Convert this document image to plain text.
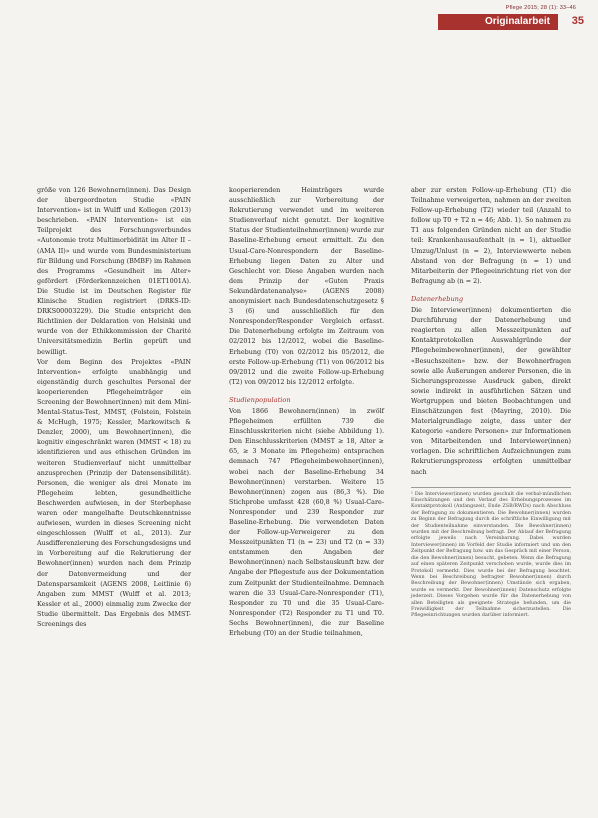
Pflege 2015; 28 (1): 33–46
Originalarbeit 35

größe von 126 Bewohnern(innen). Das Design der übergeordneten Studie «PAIN Intervention» ist in Wulff und Kollegen (2013) beschrieben. «PAIN Intervention» ist ein Teilprojekt des Forschungsverbundes «Autonomie trotz Multimorbidität im Alter II – (AMA II)» und wurde vom Bundesministerium für Bildung und Forschung (BMBF) im Rahmen des Programms «Gesundheit im Alter» gefördert (Förderkennzeichen 01ET1001A). Die Studie ist im Deutschen Register für Klinische Studien registriert (DRKS-ID: DRKS00003229). Die Studie entspricht den Richtlinien der Deklaration von Helsinki und wurde von der Ethikkommission der Charité Universitätsmedizin Berlin geprüft und bewilligt.

Vor dem Beginn des Projektes «PAIN Intervention» erfolgte unabhängig und eigenständig durch geschultes Personal der kooperierenden Pflegeheimträger ein Screening der Bewohner(innen) mit dem Mini-Mental-Status-Test, MMST, (Folstein, Folstein & McHugh, 1975; Kessler, Markowitsch & Denzler, 2000), um Bewohner(innen), die kognitiv eingeschränkt waren (MMST < 18) zu identifizieren und aus ethischen Gründen im weiteren Studienverlauf nicht unmittelbar anzusprechen (Prinzip der Datensensibilität). Personen, die weniger als drei Monate im Pflegeheim lebten, gesundheitliche Beschwerden aufwiesen, in der Sterbephase waren oder mangelhafte Deutschkenntnisse aufwiesen, wurden in dieses Screening nicht eingeschlossen (Wulff et al., 2013). Zur Ausdifferenzierung des Forschungsdesigns und in Vorbereitung auf die Rekrutierung der Bewohner(innen) wurden nach dem Prinzip der Datenvermeidung und der Datensparsamkeit (AGENS 2008, Leitlinie 6) Angaben zum MMST (Wulff et al. 2013; Kessler et al., 2000) einmalig zum Zwecke der Studie übermittelt. Das Ergebnis des MMST-Screenings des

kooperierenden Heimträgers wurde ausschließlich zur Vorbereitung der Rekrutierung verwendet und im weiteren Studienverlauf nicht genutzt. Der kognitive Status der Studienteilnehmer(innen) wurde zur Baseline-Erhebung erneut ermittelt. Zu den Usual-Care-Nonrespondern der Baseline-Erhebung liegen Daten zu Alter und Geschlecht vor. Diese Angaben wurden nach dem Prinzip der «Guten Praxis Sekundärdatenanalyse» (AGENS 2008) anonymisiert nach Bundesdatenschutzgesetz § 3 (6) und ausschließlich für den Nonresponder/Responder Vergleich erfasst. Die Datenerhebung erfolgte im Zeitraum von 02/2012 bis 12/2012, wobei die Baseline-Erhebung (T0) von 02/2012 bis 05/2012, die erste Follow-up-Erhebung (T1) von 06/2012 bis 09/2012 und die zweite Follow-up-Erhebung (T2) von 09/2012 bis 12/2012 erfolgte.

Studienpopulation

Von 1866 Bewohnern(innen) in zwölf Pflegeheimen erfüllten 739 die Einschlusskriterien nicht (siehe Abbildung 1). Den Einschlusskriterien (MMST ≥ 18, Alter ≥ 65, ≥ 3 Monate im Pflegeheim) entsprachen demnach 747 Pflegeheimbewohner(innen), wobei nach der Baseline-Erhebung 34 Bewohner(innen) verstarben. Weitere 15 Bewohner(innen) zogen aus (86,3 %). Die Stichprobe umfasst 428 (60,8 %) Usual-Care-Nonresponder und 239 Responder zur Baseline-Erhebung. Die verwendeten Daten der Follow-up-Verweigerer zu den Messzeitpunkten T1 (n = 23) und T2 (n = 33) entstammen den Angaben der Bewohner(innen) nach Selbstauskunft bzw. der Angabe der Pflegestufe aus der Dokumentation zum Zeitpunkt der Studienteilnahme. Demnach waren die 33 Usual-Care-Nonresponder (T1), Responder zu T0 und die 35 Usual-Care-Nonresponder (T2) Responder zu T1 und T0. Sechs Bewohner(innen), die zur Baseline Erhebung (T0) an der Studie teilnahmen,

aber zur ersten Follow-up-Erhebung (T1) die Teilnahme verweigerten, nahmen an der zweiten Follow-up-Erhebung (T2) wieder teil (Anzahl to follow up T0 + T2 n = 46; Abb. 1). So nahmen zu T1 aus folgenden Gründen nicht an der Studie teil: Krankenhausaufenthalt (n = 1), aktueller Umzug/Unlust (n = 2), Interviewwerte neben Abstand von der Befragung (n = 1) und Mitarbeiterin der Pflegeeinrichtung riet von der Befragung ab (n = 2).

Datenerhebung

Die Interviewer(innen) dokumentierten die Durchführung der Datenerhebung und reagierten zu allen Messzeitpunkten auf Kontaktprotokollen Auswahlgründe der Pflegeheimbewohner(innen), der gewählter «Besuchszeiten» bzw. der Bewohnerfragen sowie alle Äußerungen anderer Personen, die in Sicherungsprozesse Ausdruck gaben, direkt sowie indirekt in ausführlichen Sätzen und Wortgruppen und bieten Beobachtungen und Einschätzungen fest (Mayring, 2010). Die Materialgrundlage zeigte, dass unter der Kategorie «andere Personen» zur Informationen von Mitarbeitenden und Interviewer(innen) vorlagen. Die schriftlichen Aufzeichnungen zum Rekrutierungsprozess erfolgten unmittelbar nach

¹ Die Interviewer(innen) wurden geschult die verbal-mündlichen Einschätzungen und den Verlauf des Erhebungsprozesses im Kontaktprotokoll (Anfangszeit, Ende ZSB/RWDs) nach Abschluss der Befragung zu dokumentieren. Die Bewohner(innen) wurden zu Beginn der Befragung durch die schriftliche Einwilligung mit der Studienteilnahme einverstanden. Die Bewohner(innen) wurden mit der Beschreibung befragt. Der Ablauf der Befragung erfolgte jeweils nach Vereinbarung. Dabei wurden Interviewer(innen) im Vorfeld der Studie informiert und um den Zeitpunkt der Befragung bzw. um das Gespräch mit einer Person, die den Bewohner(innen) besucht, gebeten. Wenn die Befragung auf einen späteren Zeitpunkt verschoben wurde, wurde dies im Protokoll vermerkt. Dies wurde bei der Befragung beachtet. Wenn bei Beschreibung befragter Bewohner(innen) durch Beschreibung der Bewohner(innen) Umstände sich ergaben, wurde es vermerkt. Der Bewohner(innen) Datenschutz erfolgte jederzeit. Dieses Vorgehen wurde für die Datenerhebung von allen Beteiligten als geeignete Strategie befunden, um die Freiwilligkeit der Teilnahme sicherzustellen. Die Pflegeeinrichtungen wurden darüber informiert.
